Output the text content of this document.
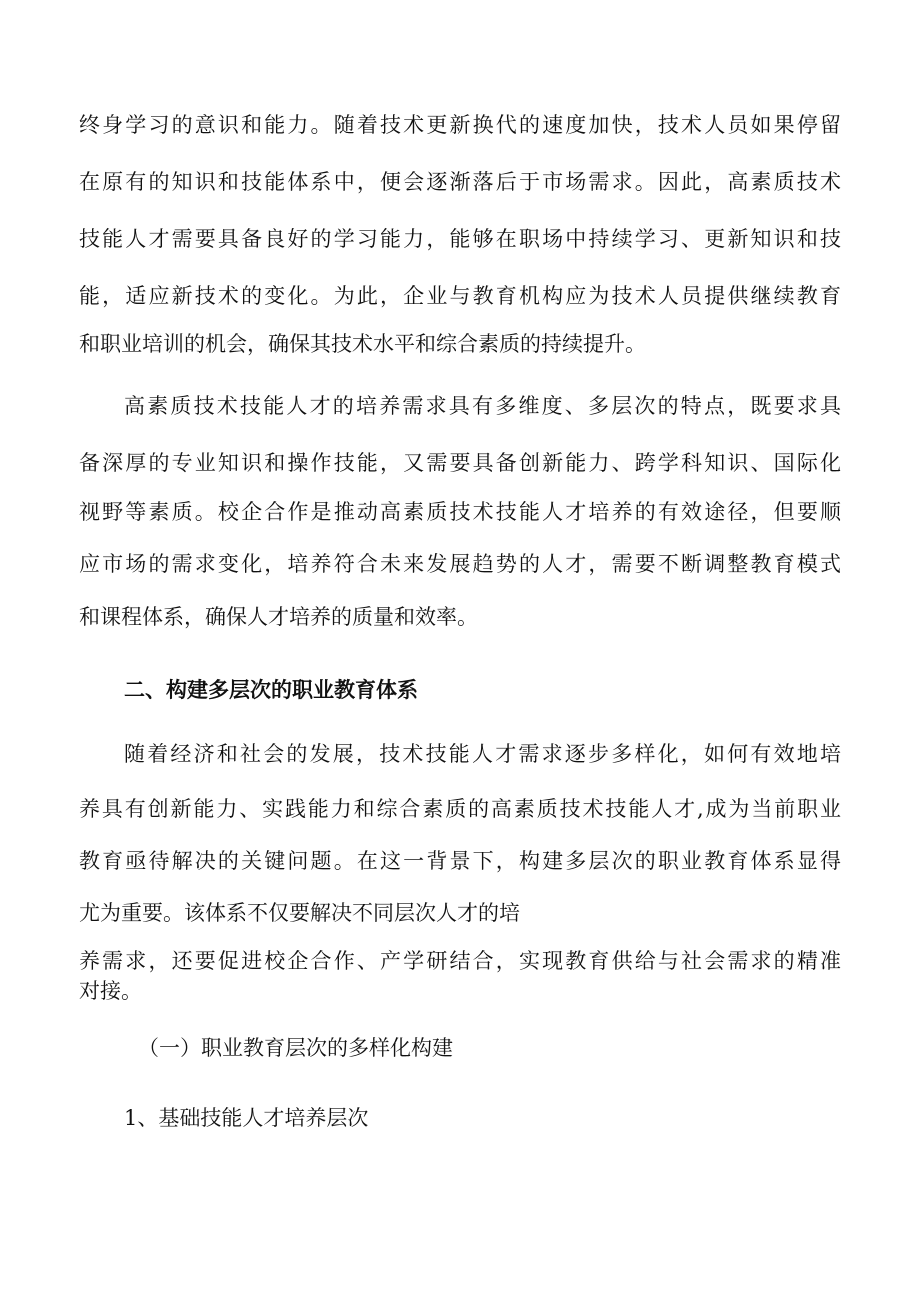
终身学习的意识和能力。随着技术更新换代的速度加快，技术人员如果停留
在原有的知识和技能体系中，便会逐渐落后于市场需求。因此，高素质技术
技能人才需要具备良好的学习能力，能够在职场中持续学习、更新知识和技
能，适应新技术的变化。为此，企业与教育机构应为技术人员提供继续教育
和职业培训的机会，确保其技术水平和综合素质的持续提升。
高素质技术技能人才的培养需求具有多维度、多层次的特点，既要求具
备深厚的专业知识和操作技能，又需要具备创新能力、跨学科知识、国际化
视野等素质。校企合作是推动高素质技术技能人才培养的有效途径，但要顺
应市场的需求变化，培养符合未来发展趋势的人才，需要不断调整教育模式
和课程体系，确保人才培养的质量和效率。
二、构建多层次的职业教育体系
随着经济和社会的发展，技术技能人才需求逐步多样化，如何有效地培
养具有创新能力、实践能力和综合素质的高素质技术技能人才,成为当前职业
教育亟待解决的关键问题。在这一背景下，构建多层次的职业教育体系显得
尤为重要。该体系不仅要解决不同层次人才的培
养需求，还要促进校企合作、产学研结合，实现教育供给与社会需求的精准
对接。
（一）职业教育层次的多样化构建
1、基础技能人才培养层次
